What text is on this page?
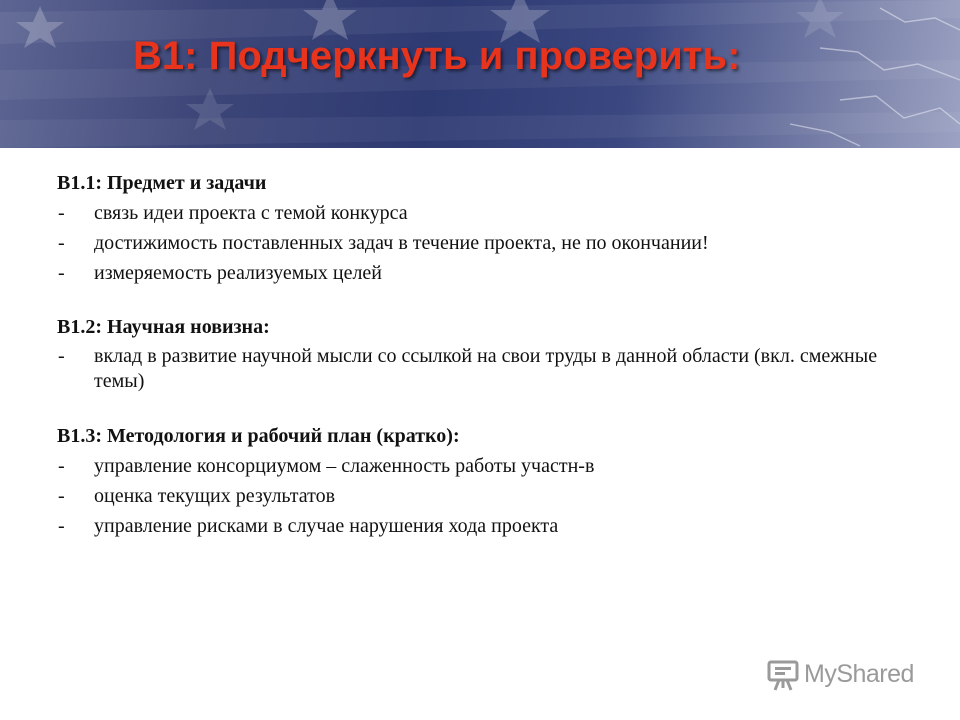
В1: Подчеркнуть и проверить:

В1.1: Предмет и задачи

- связь идеи проекта с темой конкурса
- достижимость поставленных задач в течение проекта, не по окончании!
- измеряемость реализуемых целей

В1.2: Научная новизна:

- вклад в развитие научной мысли со ссылкой на свои труды в данной области (вкл. смежные темы)

В1.3: Методология и рабочий план (кратко):

- управление консорциумом – слаженность работы участн-в
- оценка текущих результатов
- управление рисками в случае нарушения хода проекта
MyShared
